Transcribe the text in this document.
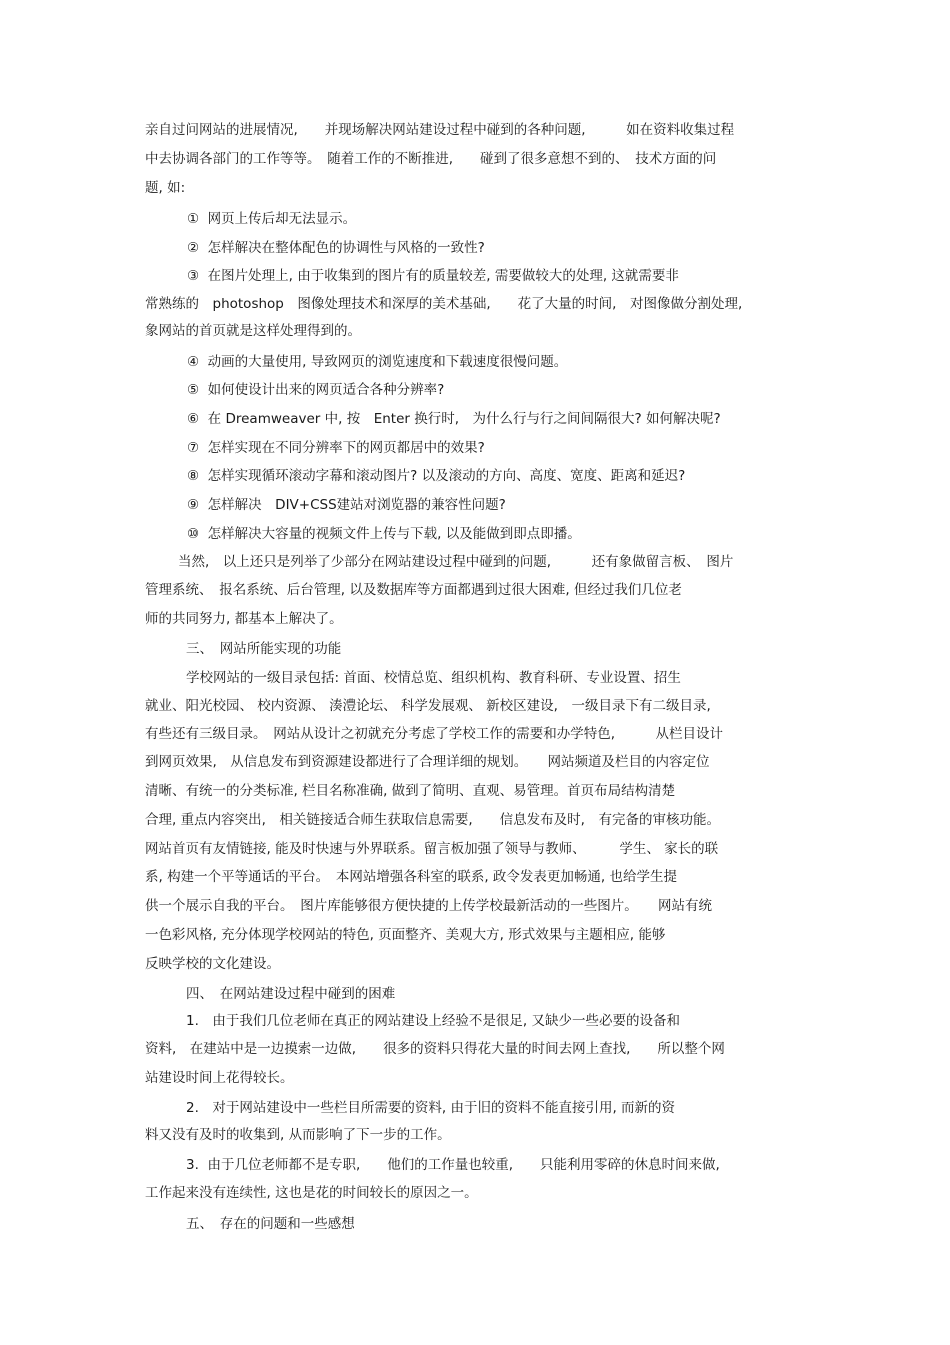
亲自过问网站的进展情况,　　并现场解决网站建设过程中碰到的各种问题,　　　如在资料收集过程
中去协调各部门的工作等等。　随着工作的不断推进,　　碰到了很多意想不到的、　技术方面的问
题, 如:
①  网页上传后却无法显示。
②  怎样解决在整体配色的协调性与风格的一致性?
③  在图片处理上, 由于收集到的图片有的质量较差, 需要做较大的处理, 这就需要非
常熟练的　photoshop　图像处理技术和深厚的美术基础,　　花了大量的时间,　对图像做分割处理,
象网站的首页就是这样处理得到的。
④  动画的大量使用, 导致网页的浏览速度和下载速度很慢问题。
⑤  如何使设计出来的网页适合各种分辨率?
⑥  在 Dreamweaver 中, 按　Enter 换行时,　为什么行与行之间间隔很大? 如何解决呢?
⑦  怎样实现在不同分辨率下的网页都居中的效果?
⑧  怎样实现循环滚动字幕和滚动图片? 以及滚动的方向、高度、宽度、距离和延迟?
⑨  怎样解决　DIV+CSS建站对浏览器的兼容性问题?
⑩  怎样解决大容量的视频文件上传与下载, 以及能做到即点即播。
当然,　以上还只是列举了少部分在网站建设过程中碰到的问题,　　　还有象做留言板、　图片
管理系统、　报名系统、后台管理, 以及数据库等方面都遇到过很大困难, 但经过我们几位老
师的共同努力, 都基本上解决了。
三、　网站所能实现的功能
学校网站的一级目录包括: 首面、校情总览、组织机构、教育科研、专业设置、招生
就业、阳光校园、 校内资源、 湊澧论坛、 科学发展观、 新校区建设,　一级目录下有二级目录,
有些还有三级目录。　网站从设计之初就充分考虑了学校工作的需要和办学特色,　　　从栏目设计
到网页效果,　从信息发布到资源建设都进行了合理详细的规划。　　网站频道及栏目的内容定位
清晰、有统一的分类标准, 栏目名称准确, 做到了简明、直观、易管理。首页布局结构清楚
合理, 重点内容突出,　相关链接适合师生获取信息需要,　　信息发布及时,　有完备的审核功能。
网站首页有友情链接, 能及时快速与外界联系。留言板加强了领导与教师、　　　学生、 家长的联
系, 构建一个平等通话的平台。　本网站增强各科室的联系, 政令发表更加畅通, 也给学生提
供一个展示自我的平台。　图片库能够很方便快捷的上传学校最新活动的一些图片。　　网站有统
一色彩风格, 充分体现学校网站的特色, 页面整齐、美观大方, 形式效果与主题相应, 能够
反映学校的文化建设。
四、　在网站建设过程中碰到的困难
1.　由于我们几位老师在真正的网站建设上经验不是很足, 又缺少一些必要的设备和
资料,　在建站中是一边摸索一边做,　　很多的资料只得花大量的时间去网上查找,　　所以整个网
站建设时间上花得较长。
2.　对于网站建设中一些栏目所需要的资料, 由于旧的资料不能直接引用, 而新的资
料又没有及时的收集到, 从而影响了下一步的工作。
3.  由于几位老师都不是专职,　　他们的工作量也较重,　　只能利用零碎的休息时间来做,
工作起来没有连续性, 这也是花的时间较长的原因之一。
五、　存在的问题和一些感想
